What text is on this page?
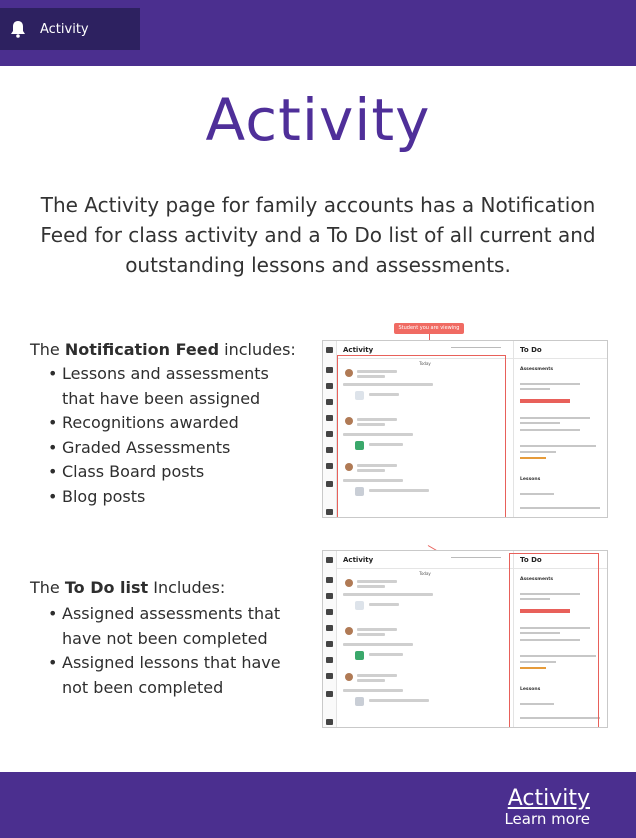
Activity
Activity

The Activity page for family accounts has a Notification Feed for class activity and a To Do list of all current and outstanding lessons and assessments.

The Notification Feed includes:
• Lessons and assessments that have been assigned
• Recognitions awarded
• Graded Assessments
• Class Board posts
• Blog posts
The To Do list Includes:
• Assigned assessments that have not been completed
• Assigned lessons that have not been completed
Student you are viewing
Activity
Today
To Do
Assessments
Lessons
Activity
Today
To Do
Assessments
Lessons
Activity
Learn more
